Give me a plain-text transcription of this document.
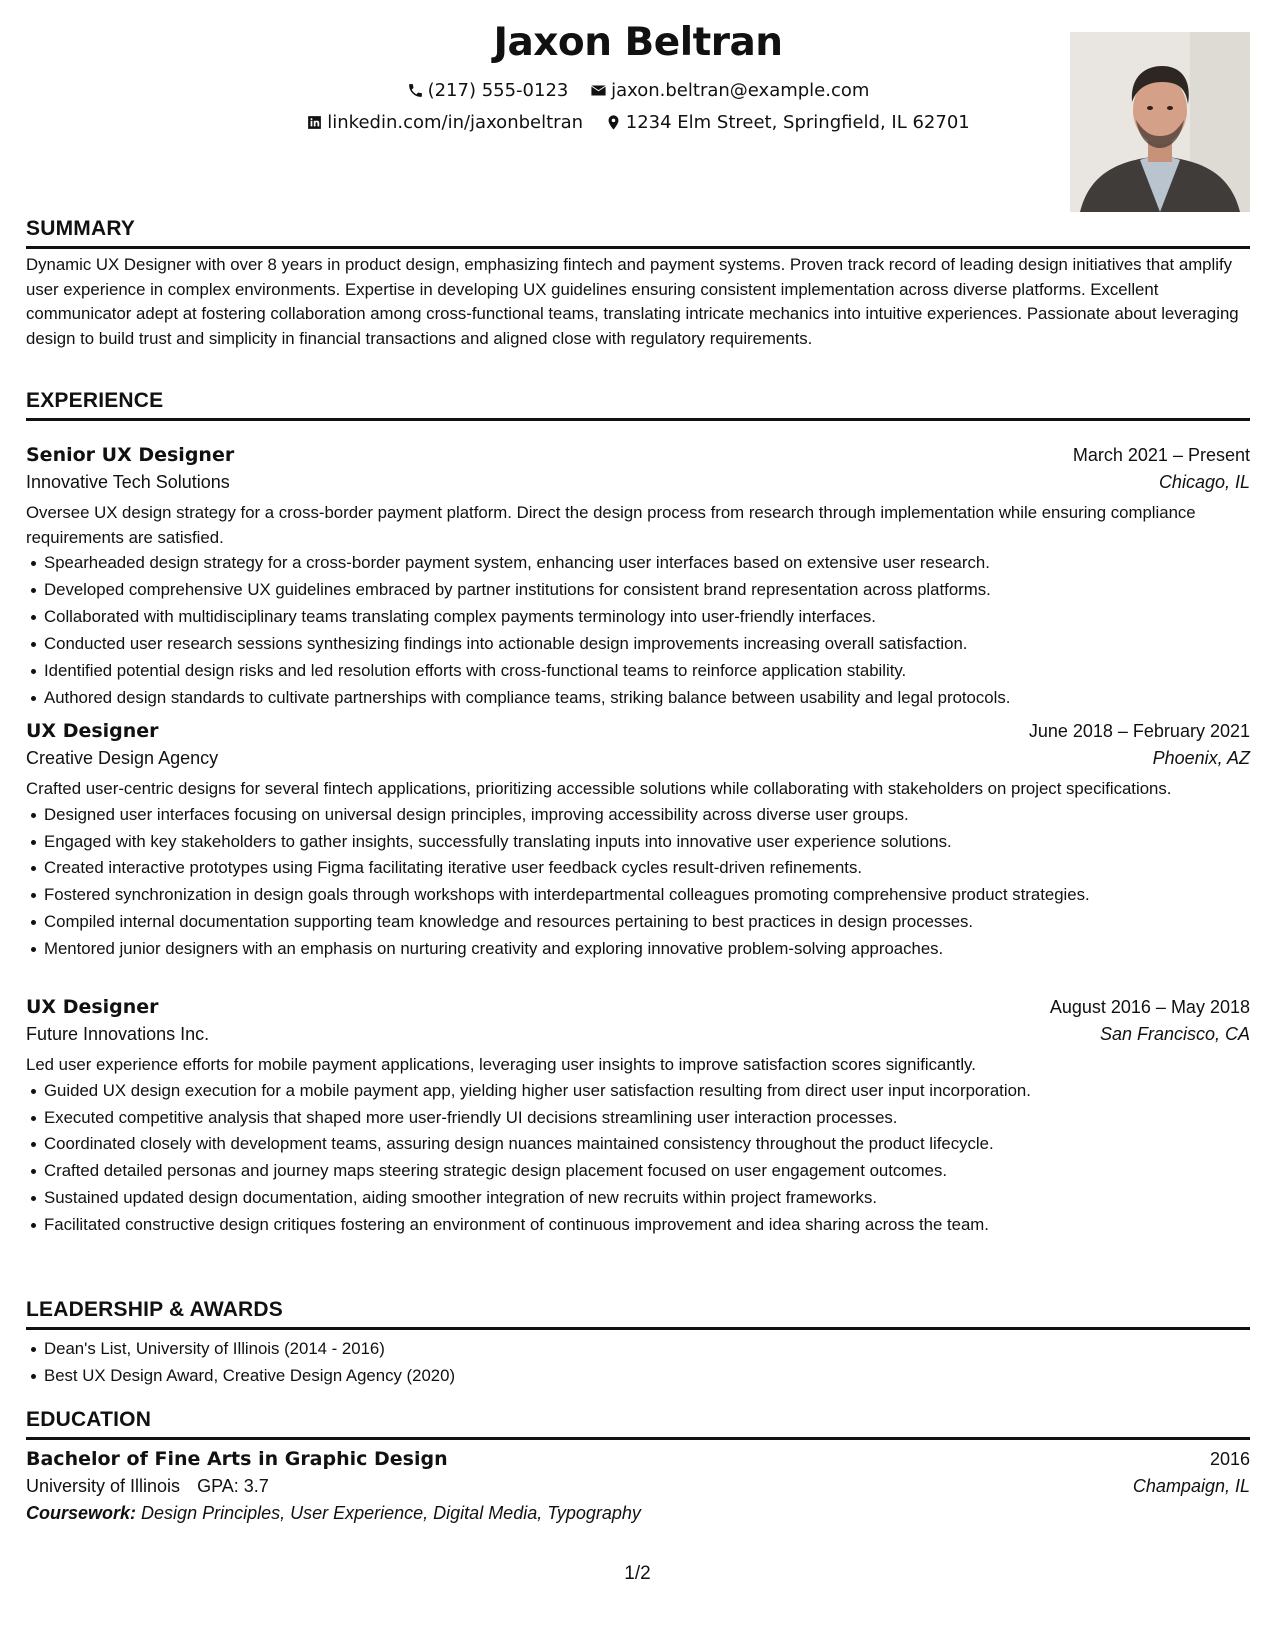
Jaxon Beltran
(217) 555-0123
jaxon.beltran@example.com
linkedin.com/in/jaxonbeltran
1234 Elm Street, Springfield, IL 62701
SUMMARY
Dynamic UX Designer with over 8 years in product design, emphasizing fintech and payment systems. Proven track record of leading design initiatives that amplify user experience in complex environments. Expertise in developing UX guidelines ensuring consistent implementation across diverse platforms. Excellent communicator adept at fostering collaboration among cross-functional teams, translating intricate mechanics into intuitive experiences. Passionate about leveraging design to build trust and simplicity in financial transactions and aligned close with regulatory requirements.
EXPERIENCE
Senior UX Designer	March 2021 – Present
Innovative Tech Solutions	Chicago, IL
Oversee UX design strategy for a cross-border payment platform. Direct the design process from research through implementation while ensuring compliance requirements are satisfied.
Spearheaded design strategy for a cross-border payment system, enhancing user interfaces based on extensive user research.
Developed comprehensive UX guidelines embraced by partner institutions for consistent brand representation across platforms.
Collaborated with multidisciplinary teams translating complex payments terminology into user-friendly interfaces.
Conducted user research sessions synthesizing findings into actionable design improvements increasing overall satisfaction.
Identified potential design risks and led resolution efforts with cross-functional teams to reinforce application stability.
Authored design standards to cultivate partnerships with compliance teams, striking balance between usability and legal protocols.
UX Designer	June 2018 – February 2021
Creative Design Agency	Phoenix, AZ
Crafted user-centric designs for several fintech applications, prioritizing accessible solutions while collaborating with stakeholders on project specifications.
Designed user interfaces focusing on universal design principles, improving accessibility across diverse user groups.
Engaged with key stakeholders to gather insights, successfully translating inputs into innovative user experience solutions.
Created interactive prototypes using Figma facilitating iterative user feedback cycles result-driven refinements.
Fostered synchronization in design goals through workshops with interdepartmental colleagues promoting comprehensive product strategies.
Compiled internal documentation supporting team knowledge and resources pertaining to best practices in design processes.
Mentored junior designers with an emphasis on nurturing creativity and exploring innovative problem-solving approaches.
UX Designer	August 2016 – May 2018
Future Innovations Inc.	San Francisco, CA
Led user experience efforts for mobile payment applications, leveraging user insights to improve satisfaction scores significantly.
Guided UX design execution for a mobile payment app, yielding higher user satisfaction resulting from direct user input incorporation.
Executed competitive analysis that shaped more user-friendly UI decisions streamlining user interaction processes.
Coordinated closely with development teams, assuring design nuances maintained consistency throughout the product lifecycle.
Crafted detailed personas and journey maps steering strategic design placement focused on user engagement outcomes.
Sustained updated design documentation, aiding smoother integration of new recruits within project frameworks.
Facilitated constructive design critiques fostering an environment of continuous improvement and idea sharing across the team.
LEADERSHIP & AWARDS
Dean's List, University of Illinois (2014 - 2016)
Best UX Design Award, Creative Design Agency (2020)
EDUCATION
Bachelor of Fine Arts in Graphic Design	2016
University of Illinois GPA: 3.7	Champaign, IL
Coursework: Design Principles, User Experience, Digital Media, Typography
1/2
